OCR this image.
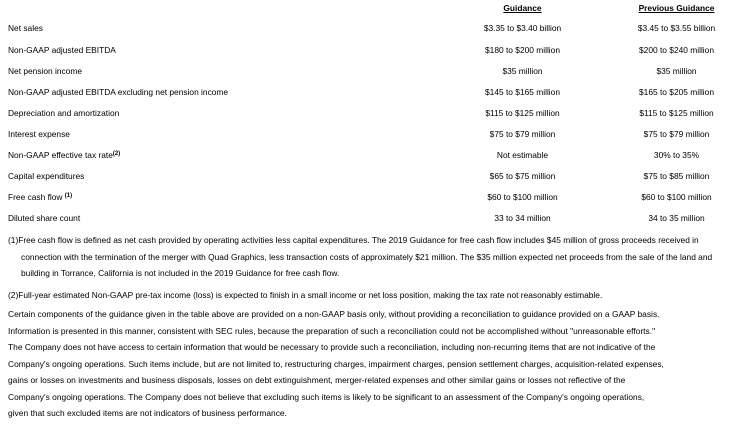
	Guidance	Previous Guidance
Net sales	$3.35 to $3.40 billion	$3.45 to $3.55 billion
Non-GAAP adjusted EBITDA	$180 to $200 million	$200 to $240 million
Net pension income	$35 million	$35 million
Non-GAAP adjusted EBITDA excluding net pension income	$145 to $165 million	$165 to $205 million
Depreciation and amortization	$115 to $125 million	$115 to $125 million
Interest expense	$75 to $79 million	$75 to $79 million
Non-GAAP effective tax rate$^{(2)}$	Not estimable	30% to 35%
Capital expenditures	$65 to $75 million	$75 to $85 million
Free cash flow $^{(1)}$	$60 to $100 million	$60 to $100 million
Diluted share count	33 to 34 million	34 to 35 million

(1)Free cash flow is defined as net cash provided by operating activities less capital expenditures. The 2019 Guidance for free cash flow includes $45 million of gross proceeds received in
connection with the termination of the merger with Quad Graphics, less transaction costs of approximately $21 million. The $35 million expected net proceeds from the sale of the land and
building in Torrance, California is not included in the 2019 Guidance for free cash flow.

(2)Full-year estimated Non-GAAP pre-tax income (loss) is expected to finish in a small income or net loss position, making the tax rate not reasonably estimable.

Certain components of the guidance given in the table above are provided on a non-GAAP basis only, without providing a reconciliation to guidance provided on a GAAP basis.
Information is presented in this manner, consistent with SEC rules, because the preparation of such a reconciliation could not be accomplished without "unreasonable efforts."
The Company does not have access to certain information that would be necessary to provide such a reconciliation, including non-recurring items that are not indicative of the
Company's ongoing operations. Such items include, but are not limited to, restructuring charges, impairment charges, pension settlement charges, acquisition-related expenses,
gains or losses on investments and business disposals, losses on debt extinguishment, merger-related expenses and other similar gains or losses not reflective of the
Company's ongoing operations. The Company does not believe that excluding such items is likely to be significant to an assessment of the Company's ongoing operations,
given that such excluded items are not indicators of business performance.
